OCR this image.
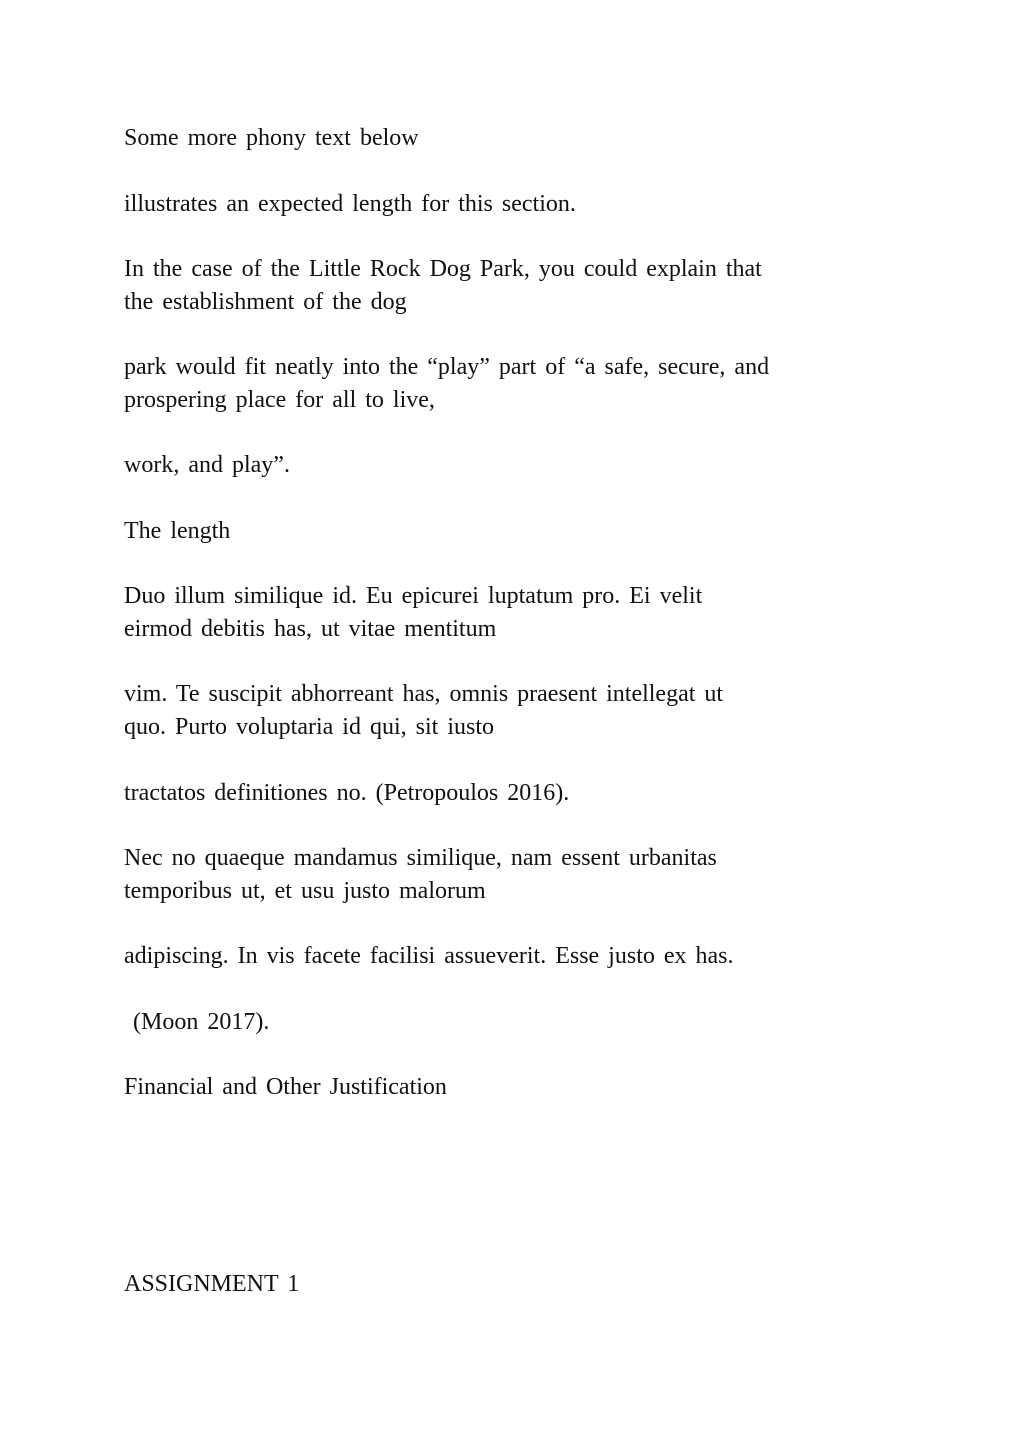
Some more phony text below

illustrates an expected length for this section.

In the case of the Little Rock Dog Park, you could explain that
the establishment of the dog

park would fit neatly into the “play” part of “a safe, secure, and
prospering place for all to live,

work, and play”.

The length

Duo illum similique id. Eu epicurei luptatum pro. Ei velit
eirmod debitis has, ut vitae mentitum

vim. Te suscipit abhorreant has, omnis praesent intellegat ut
quo. Purto voluptaria id qui, sit iusto

tractatos definitiones no. (Petropoulos 2016).

Nec no quaeque mandamus similique, nam essent urbanitas
temporibus ut, et usu justo malorum

adipiscing. In vis facete facilisi assueverit. Esse justo ex has.

(Moon 2017).

Financial and Other Justification

ASSIGNMENT 1
